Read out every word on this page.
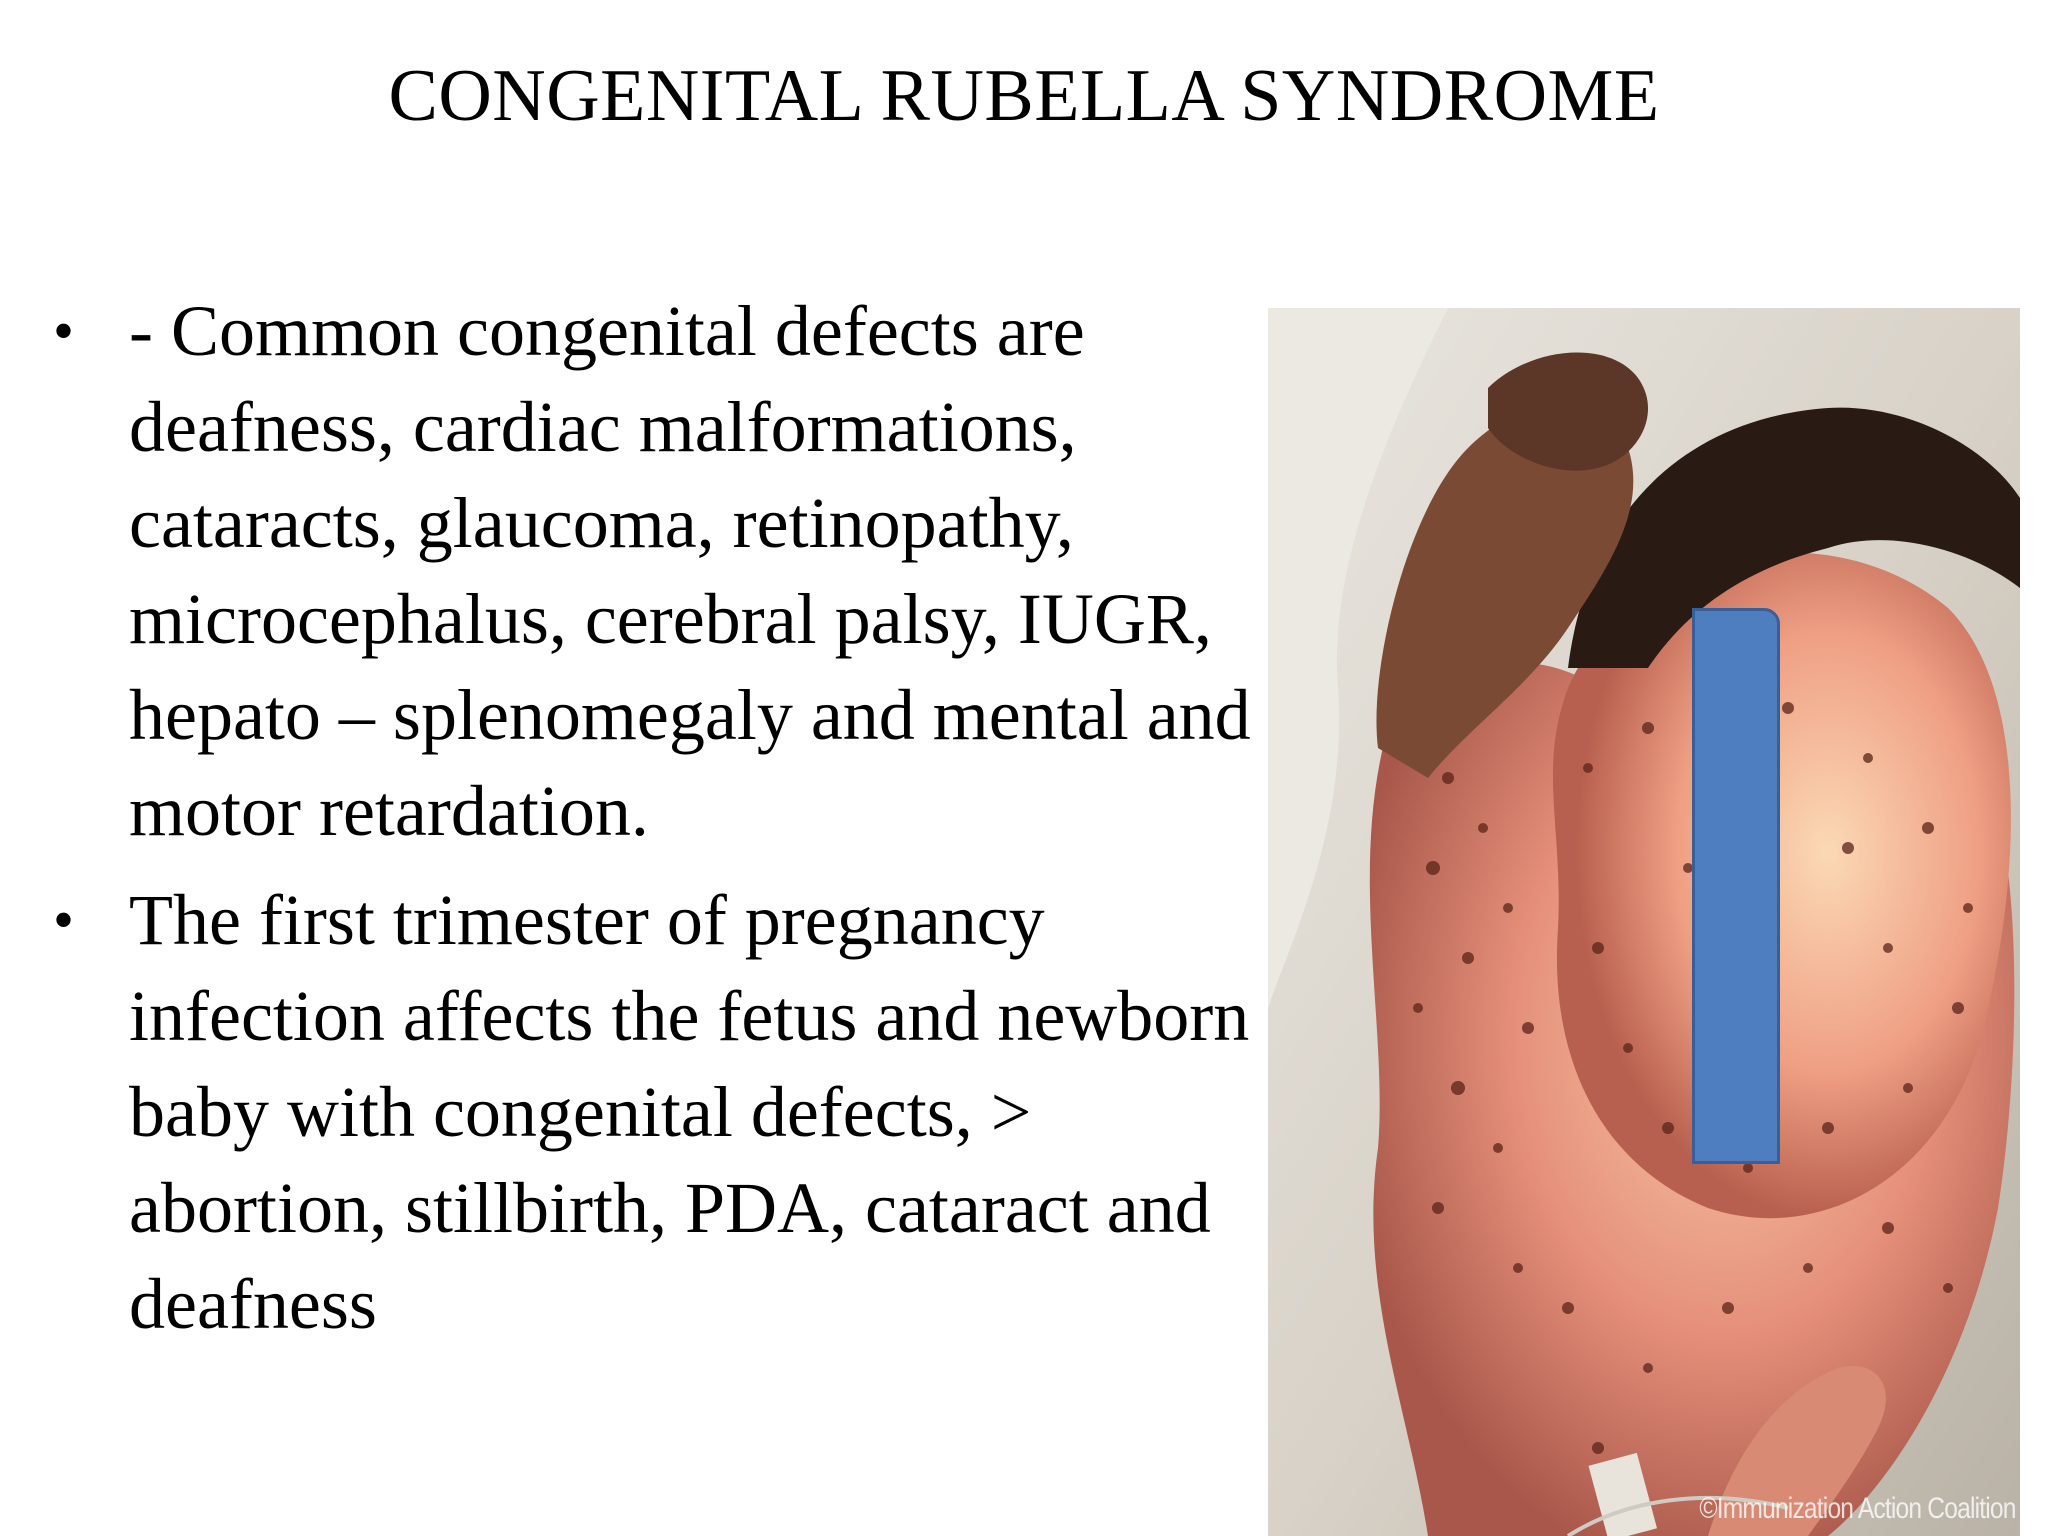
CONGENITAL RUBELLA SYNDROME
• - Common congenital defects are deafness, cardiac malformations, cataracts, glaucoma, retinopathy, microcephalus, cerebral palsy, IUGR, hepato – splenomegaly and mental and motor retardation.
• The first trimester of pregnancy infection affects the fetus and newborn baby with congenital defects, > abortion, stillbirth, PDA, cataract and deafness
©Immunization Action Coalition
